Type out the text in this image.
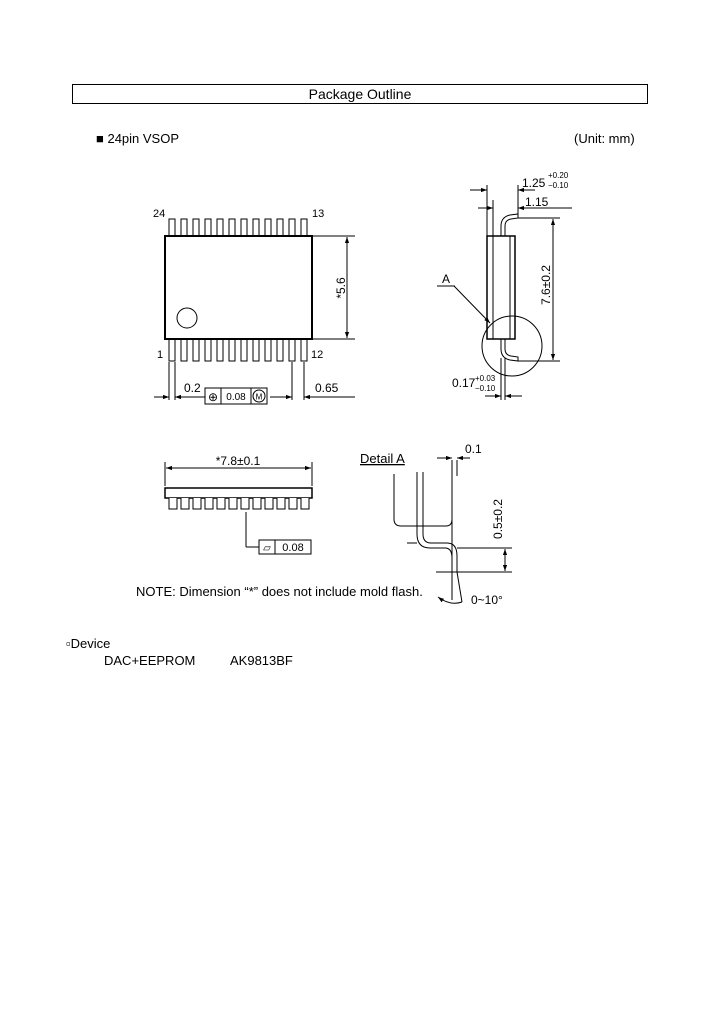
Package Outline
■ 24pin VSOP	(Unit: mm)
24	13
1	12
*5.6
0.2
⊕ 0.08 M
0.65
1.25
+0.20
−0.10
1.15
7.6±0.2
A
0.17 +0.03
−0.10
*7.8±0.1
▱ 0.08
Detail A
0.1
0.5±0.2
0~10°
NOTE: Dimension “*” does not include mold flash.
▫Device
DAC+EEPROM	AK9813BF
